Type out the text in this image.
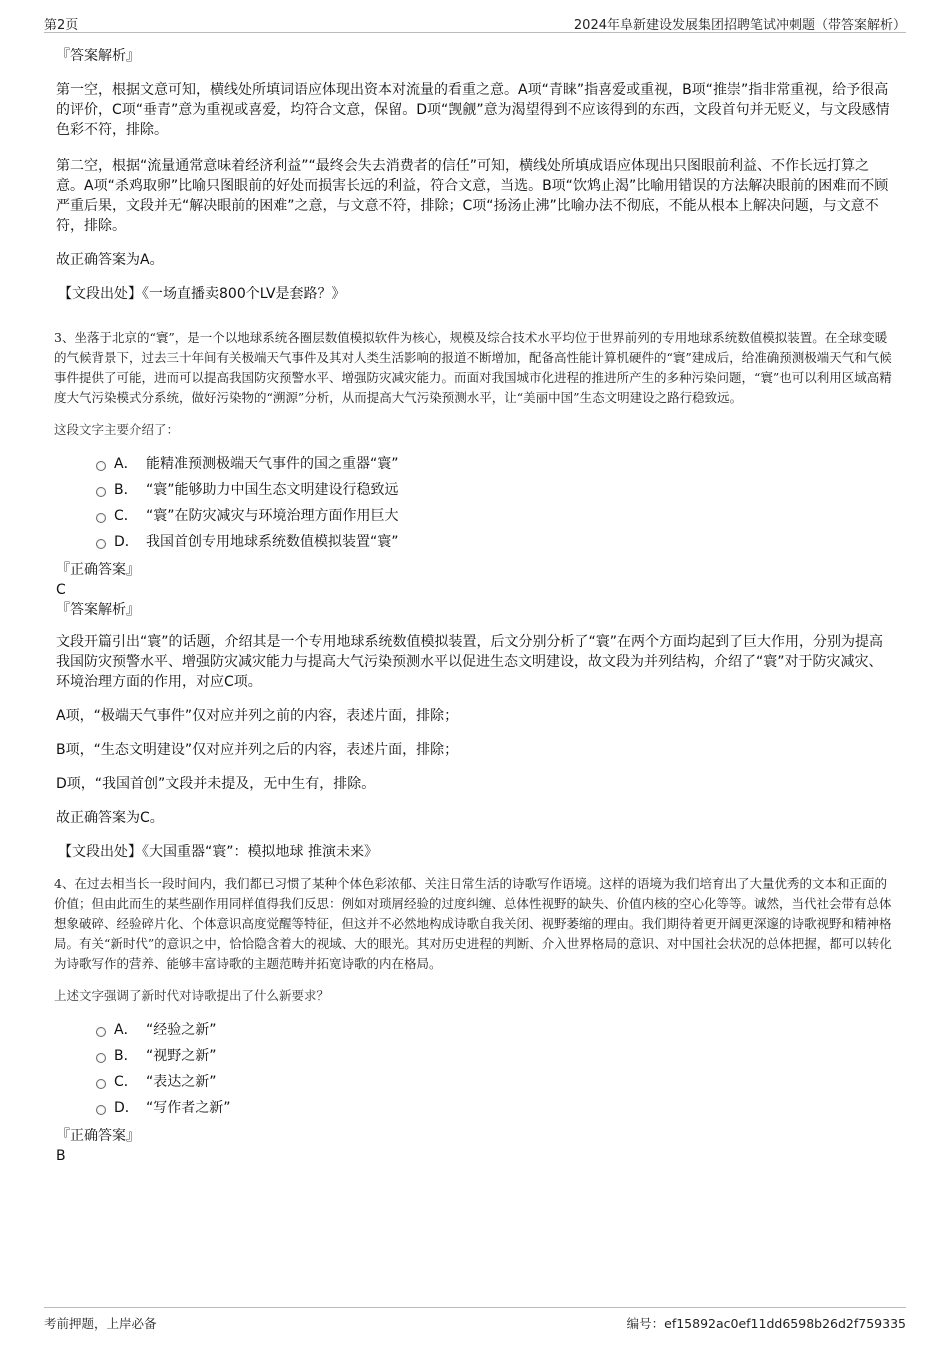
第2页	2024年阜新建设发展集团招聘笔试冲刺题（带答案解析）

『答案解析』

第一空，根据文意可知，横线处所填词语应体现出资本对流量的看重之意。A项“青睐”指喜爱或重视，B项“推崇”指非常重视，给予很高的评价，C项“垂青”意为重视或喜爱，均符合文意，保留。D项“觊觎”意为渴望得到不应该得到的东西，文段首句并无贬义，与文段感情色彩不符，排除。

第二空，根据“流量通常意味着经济利益”“最终会失去消费者的信任”可知，横线处所填成语应体现出只图眼前利益、不作长远打算之意。A项“杀鸡取卵”比喻只图眼前的好处而损害长远的利益，符合文意，当选。B项“饮鸩止渴”比喻用错误的方法解决眼前的困难而不顾严重后果，文段并无“解决眼前的困难”之意，与文意不符，排除；C项“扬汤止沸”比喻办法不彻底，不能从根本上解决问题，与文意不符，排除。

故正确答案为A。

【文段出处】《一场直播卖800个LV是套路？》

3、坐落于北京的“寰”，是一个以地球系统各圈层数值模拟软件为核心，规模及综合技术水平均位于世界前列的专用地球系统数值模拟装置。在全球变暖的气候背景下，过去三十年间有关极端天气事件及其对人类生活影响的报道不断增加，配备高性能计算机硬件的“寰”建成后，给准确预测极端天气和气候事件提供了可能，进而可以提高我国防灾预警水平、增强防灾减灾能力。而面对我国城市化进程的推进所产生的多种污染问题，“寰”也可以利用区域高精度大气污染模式分系统，做好污染物的“溯源”分析，从而提高大气污染预测水平，让“美丽中国”生态文明建设之路行稳致远。

这段文字主要介绍了：

A． 能精准预测极端天气事件的国之重器“寰”
B． “寰”能够助力中国生态文明建设行稳致远
C． “寰”在防灾减灾与环境治理方面作用巨大
D． 我国首创专用地球系统数值模拟装置“寰”

『正确答案』

C

『答案解析』

文段开篇引出“寰”的话题，介绍其是一个专用地球系统数值模拟装置，后文分别分析了“寰”在两个方面均起到了巨大作用，分别为提高我国防灾预警水平、增强防灾减灾能力与提高大气污染预测水平以促进生态文明建设，故文段为并列结构，介绍了“寰”对于防灾减灾、环境治理方面的作用，对应C项。

A项，“极端天气事件”仅对应并列之前的内容，表述片面，排除；

B项，“生态文明建设”仅对应并列之后的内容，表述片面，排除；

D项，“我国首创”文段并未提及，无中生有，排除。

故正确答案为C。

【文段出处】《大国重器“寰”：模拟地球 推演未来》

4、在过去相当长一段时间内，我们都已习惯了某种个体色彩浓郁、关注日常生活的诗歌写作语境。这样的语境为我们培育出了大量优秀的文本和正面的价值；但由此而生的某些副作用同样值得我们反思：例如对琐屑经验的过度纠缠、总体性视野的缺失、价值内核的空心化等等。诚然，当代社会带有总体想象破碎、经验碎片化、个体意识高度觉醒等特征，但这并不必然地构成诗歌自我关闭、视野萎缩的理由。我们期待着更开阔更深邃的诗歌视野和精神格局。有关“新时代”的意识之中，恰恰隐含着大的视域、大的眼光。其对历史进程的判断、介入世界格局的意识、对中国社会状况的总体把握，都可以转化为诗歌写作的营养、能够丰富诗歌的主题范畴并拓宽诗歌的内在格局。

上述文字强调了新时代对诗歌提出了什么新要求？

A． “经验之新”
B． “视野之新”
C． “表达之新”
D． “写作者之新”

『正确答案』

B

考前押题，上岸必备	编号：ef15892ac0ef11dd6598b26d2f759335
